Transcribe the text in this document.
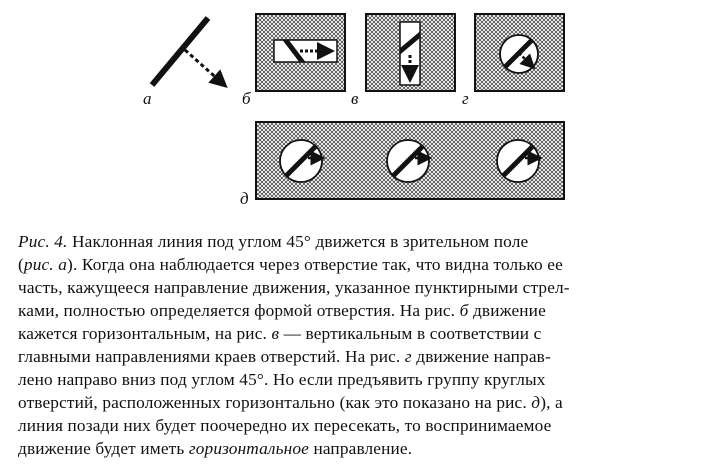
а	б	в	г
д
Рис. 4. Наклонная линия под углом 45° движется в зрительном поле
(рис. а). Когда она наблюдается через отверстие так, что видна только ее
часть, кажущееся направление движения, указанное пунктирными стрел-
ками, полностью определяется формой отверстия. На рис. б движение
кажется горизонтальным, на рис. в — вертикальным в соответствии с
главными направлениями краев отверстий. На рис. г движение направ-
лено направо вниз под углом 45°. Но если предъявить группу круглых
отверстий, расположенных горизонтально (как это показано на рис. д), а
линия позади них будет поочередно их пересекать, то воспринимаемое
движение будет иметь горизонтальное направление.
